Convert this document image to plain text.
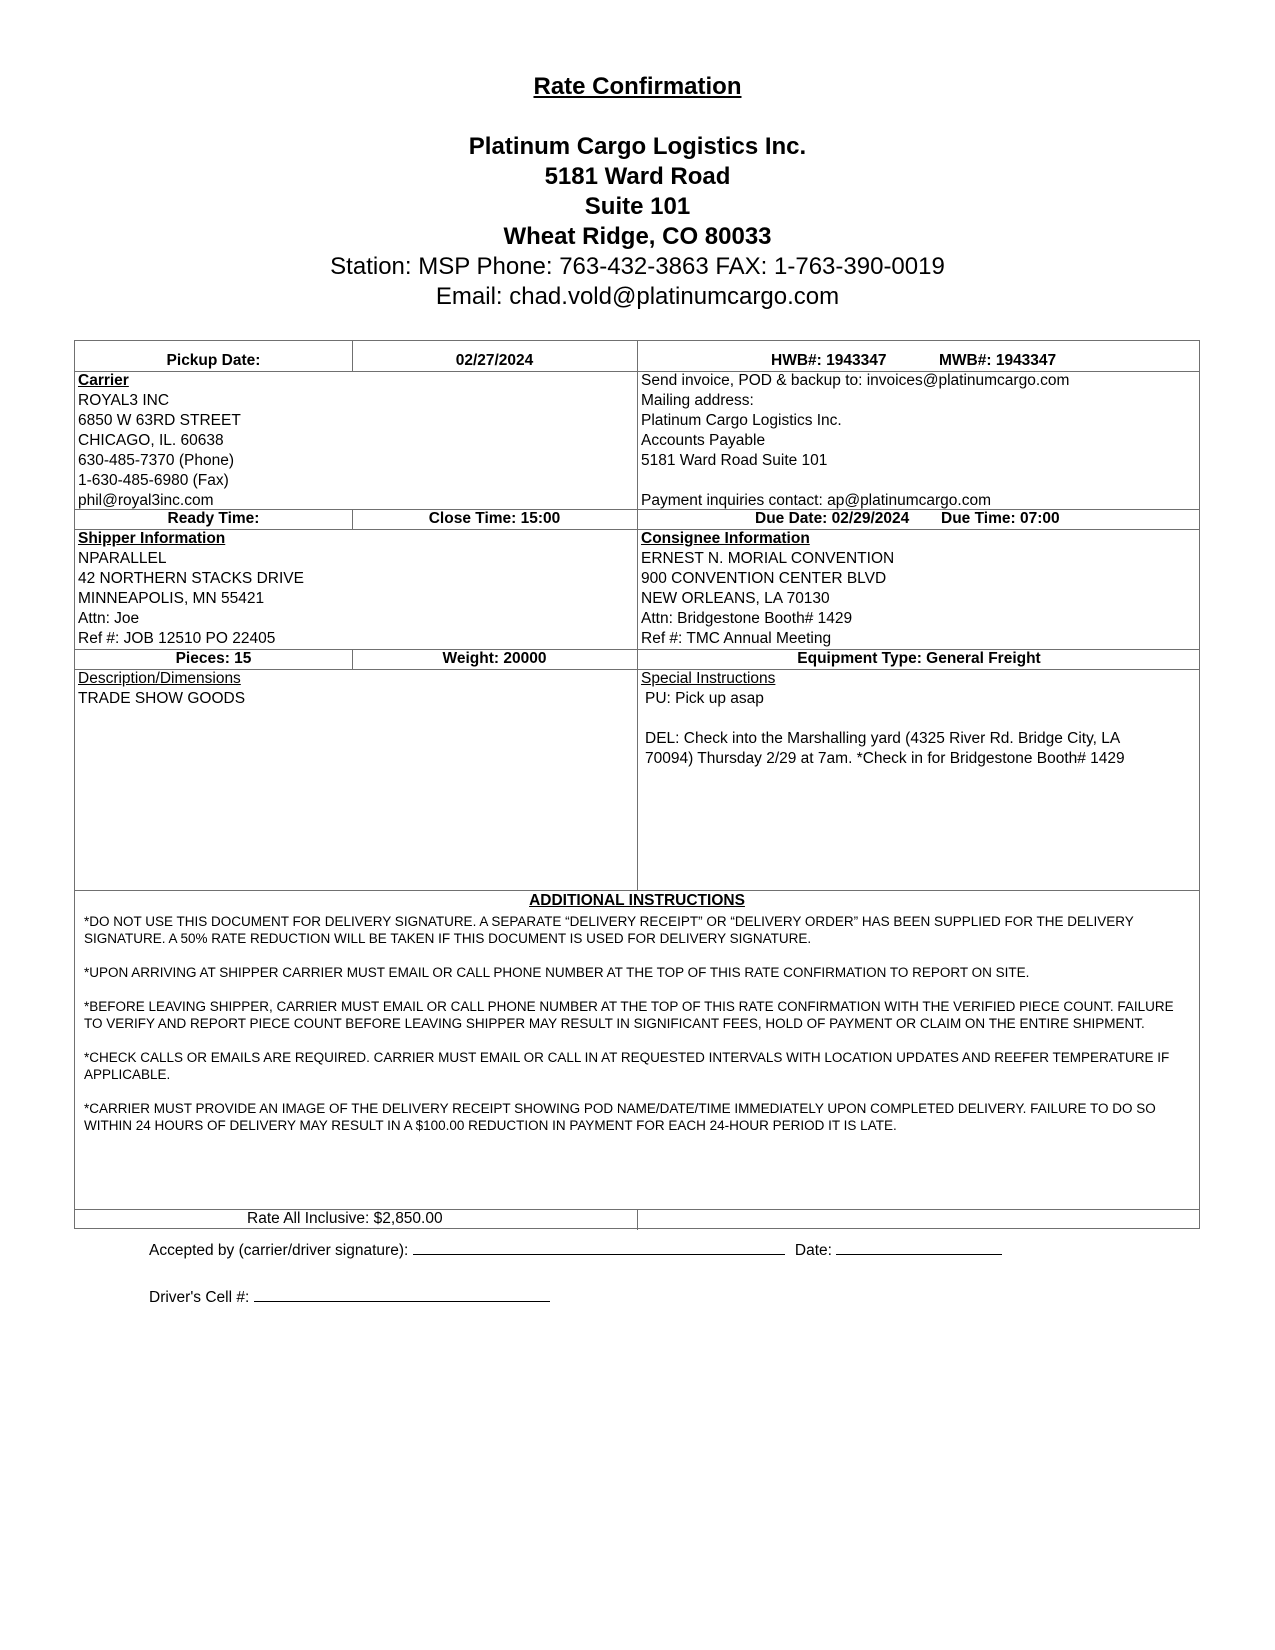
Rate Confirmation
Platinum Cargo Logistics Inc.
5181 Ward Road
Suite 101
Wheat Ridge, CO 80033
Station: MSP Phone: 763-432-3863 FAX: 1-763-390-0019
Email: chad.vold@platinumcargo.com
Pickup Date:	02/27/2024	HWB#: 1943347	MWB#: 1943347
Carrier
ROYAL3 INC
6850 W 63RD STREET
CHICAGO, IL. 60638
630-485-7370 (Phone)
1-630-485-6980 (Fax)
phil@royal3inc.com
Send invoice, POD & backup to: invoices@platinumcargo.com
Mailing address:
Platinum Cargo Logistics Inc.
Accounts Payable
5181 Ward Road Suite 101
Payment inquiries contact: ap@platinumcargo.com
Ready Time:	Close Time: 15:00	Due Date: 02/29/2024 Due Time: 07:00
Shipper Information
NPARALLEL
42 NORTHERN STACKS DRIVE
MINNEAPOLIS, MN 55421
Attn: Joe
Ref #: JOB 12510 PO 22405
Consignee Information
ERNEST N. MORIAL CONVENTION
900 CONVENTION CENTER BLVD
NEW ORLEANS, LA 70130
Attn: Bridgestone Booth# 1429
Ref #: TMC Annual Meeting
Pieces: 15	Weight: 20000	Equipment Type: General Freight
Description/Dimensions
TRADE SHOW GOODS
Special Instructions
PU: Pick up asap
DEL: Check into the Marshalling yard (4325 River Rd. Bridge City, LA
70094) Thursday 2/29 at 7am. *Check in for Bridgestone Booth# 1429
ADDITIONAL INSTRUCTIONS

*DO NOT USE THIS DOCUMENT FOR DELIVERY SIGNATURE. A SEPARATE “DELIVERY RECEIPT” OR “DELIVERY ORDER” HAS BEEN SUPPLIED FOR THE DELIVERY SIGNATURE. A 50% RATE REDUCTION WILL BE TAKEN IF THIS DOCUMENT IS USED FOR DELIVERY SIGNATURE.

*UPON ARRIVING AT SHIPPER CARRIER MUST EMAIL OR CALL PHONE NUMBER AT THE TOP OF THIS RATE CONFIRMATION TO REPORT ON SITE.

*BEFORE LEAVING SHIPPER, CARRIER MUST EMAIL OR CALL PHONE NUMBER AT THE TOP OF THIS RATE CONFIRMATION WITH THE VERIFIED PIECE COUNT. FAILURE TO VERIFY AND REPORT PIECE COUNT BEFORE LEAVING SHIPPER MAY RESULT IN SIGNIFICANT FEES, HOLD OF PAYMENT OR CLAIM ON THE ENTIRE SHIPMENT.

*CHECK CALLS OR EMAILS ARE REQUIRED. CARRIER MUST EMAIL OR CALL IN AT REQUESTED INTERVALS WITH LOCATION UPDATES AND REEFER TEMPERATURE IF APPLICABLE.

*CARRIER MUST PROVIDE AN IMAGE OF THE DELIVERY RECEIPT SHOWING POD NAME/DATE/TIME IMMEDIATELY UPON COMPLETED DELIVERY. FAILURE TO DO SO WITHIN 24 HOURS OF DELIVERY MAY RESULT IN A $100.00 REDUCTION IN PAYMENT FOR EACH 24-HOUR PERIOD IT IS LATE.

Rate All Inclusive: $2,850.00
Accepted by (carrier/driver signature):	Date:
Driver's Cell #:
